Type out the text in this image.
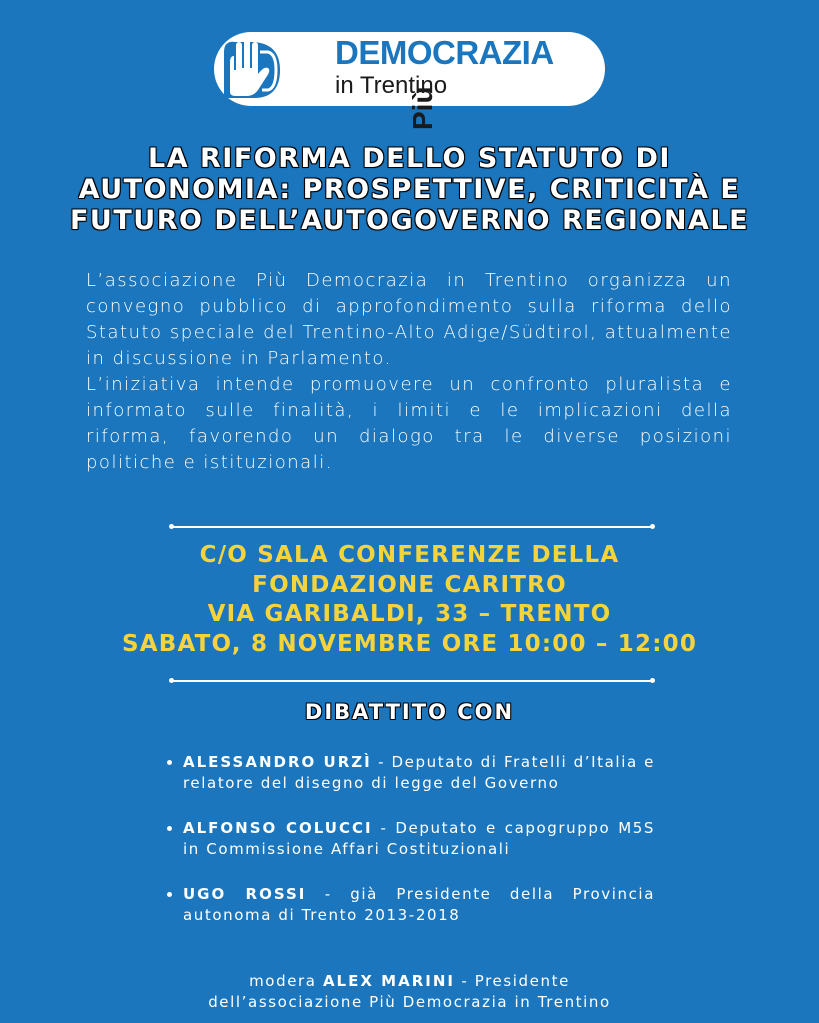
Più
DEMOCRAZIA
in Trentino
LA RIFORMA DELLO STATUTO DI
AUTONOMIA: PROSPETTIVE, CRITICITÀ E
FUTURO DELL’AUTOGOVERNO REGIONALE

L’associazione Più Democrazia in Trentino organizza un convegno pubblico di approfondimento sulla riforma dello Statuto speciale del Trentino-Alto Adige/Südtirol, attualmente in discussione in Parlamento.

L’iniziativa intende promuovere un confronto pluralista e informato sulle finalità, i limiti e le implicazioni della riforma, favorendo un dialogo tra le diverse posizioni politiche e istituzionali.

C/O SALA CONFERENZE DELLA
FONDAZIONE CARITRO
VIA GARIBALDI, 33 – TRENTO
SABATO, 8 NOVEMBRE ORE 10:00 – 12:00
DIBATTITO CON
ALESSANDRO URZÌ - Deputato di Fratelli d’Italia e relatore del disegno di legge del Governo
ALFONSO COLUCCI - Deputato e capogruppo M5S in Commissione Affari Costituzionali
UGO ROSSI - già Presidente della Provincia autonoma di Trento 2013-2018
modera ALEX MARINI - Presidente
dell’associazione Più Democrazia in Trentino
